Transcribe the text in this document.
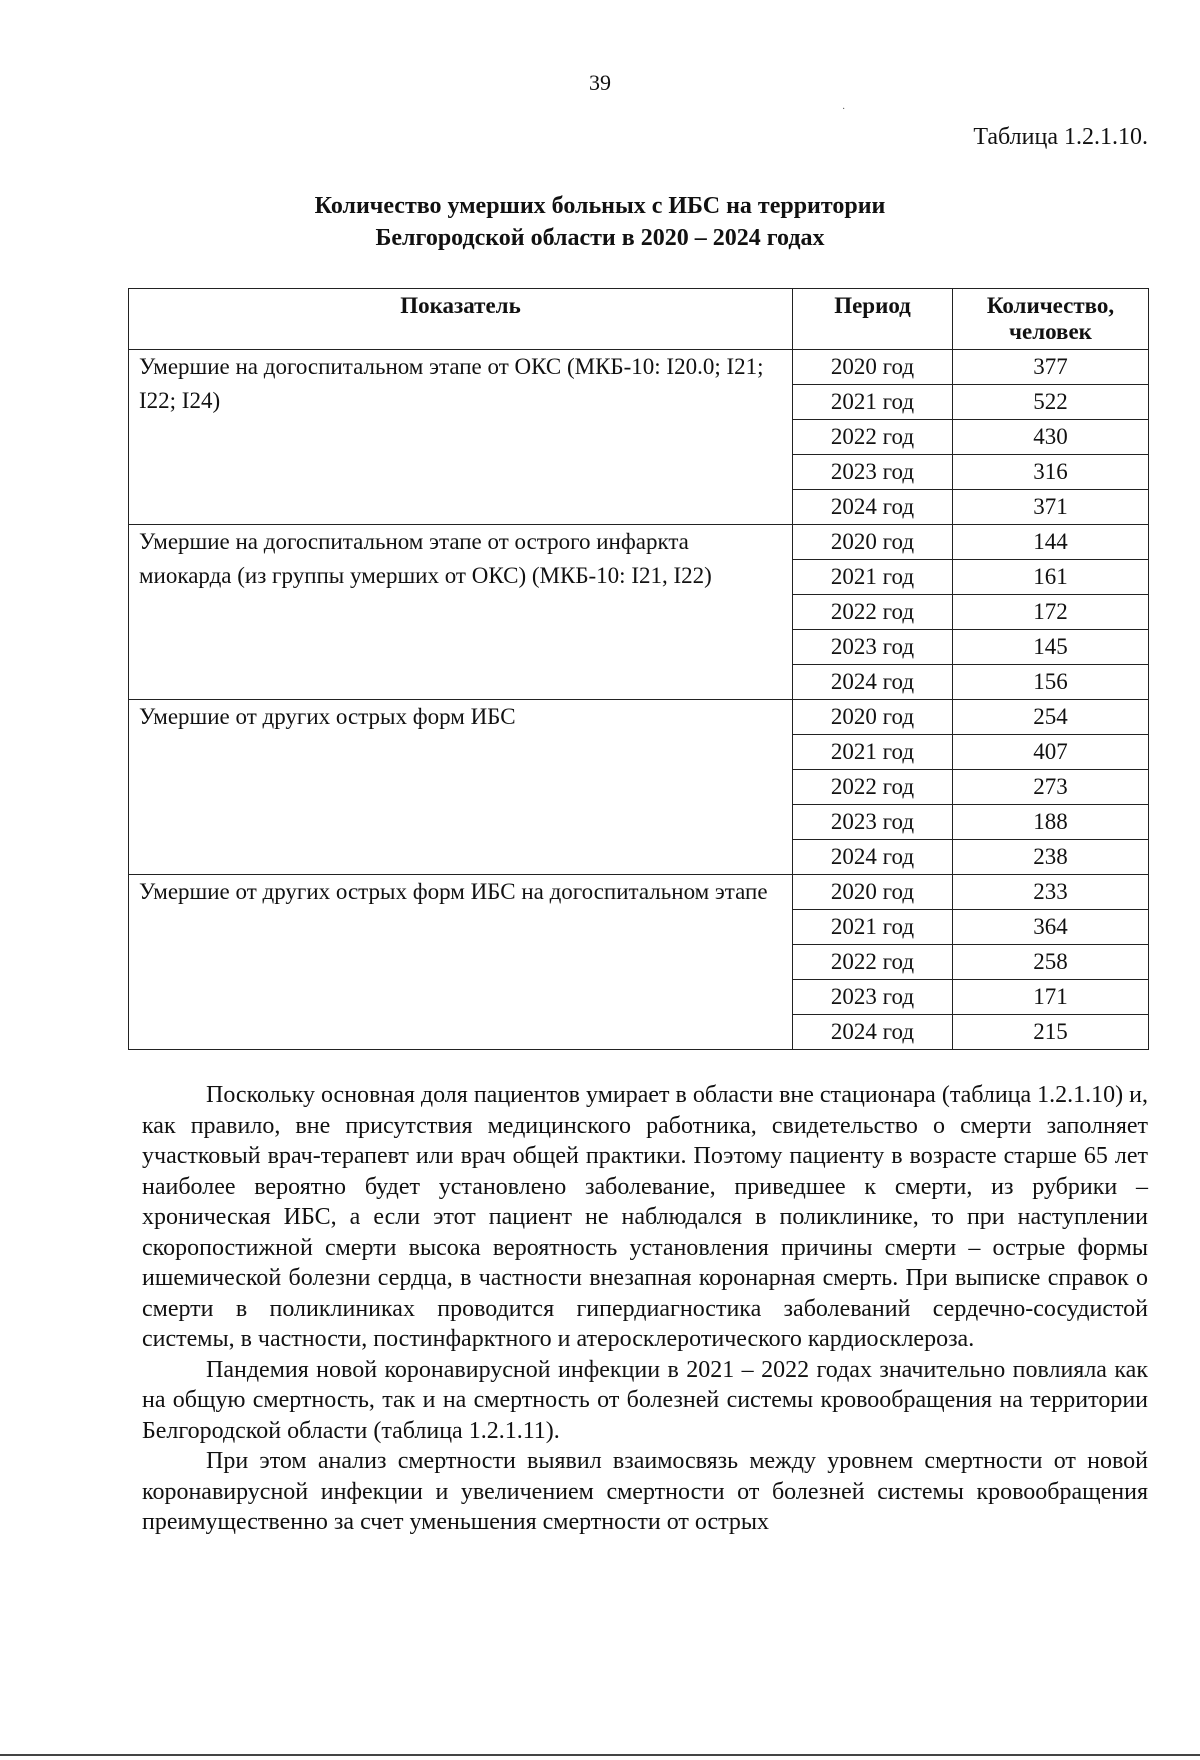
39
·
Таблица 1.2.1.10.
Количество умерших больных с ИБС на территории
Белгородской области в 2020 – 2024 годах
Показатель	Период	Количество,
человек

Умершие на догоспитальном этапе от ОКС (МКБ-10: I20.0; I21; I22; I24)	2020 год	377
	2021 год	522
	2022 год	430
	2023 год	316
	2024 год	371
Умершие на догоспитальном этапе от острого инфаркта миокарда (из группы умерших от ОКС) (МКБ-10: I21, I22)	2020 год	144
	2021 год	161
	2022 год	172
	2023 год	145
	2024 год	156
Умершие от других острых форм ИБС	2020 год	254
	2021 год	407
	2022 год	273
	2023 год	188
	2024 год	238
Умершие от других острых форм ИБС на догоспитальном этапе	2020 год	233
	2021 год	364
	2022 год	258
	2023 год	171
	2024 год	215

Поскольку основная доля пациентов умирает в области вне стационара (таблица 1.2.1.10) и, как правило, вне присутствия медицинского работника, свидетельство о смерти заполняет участковый врач-терапевт или врач общей практики. Поэтому пациенту в возрасте старше 65 лет наиболее вероятно будет установлено заболевание, приведшее к смерти, из рубрики – хроническая ИБС, а если этот пациент не наблюдался в поликлинике, то при наступлении скоропостижной смерти высока вероятность установления причины смерти – острые формы ишемической болезни сердца, в частности внезапная коронарная смерть. При выписке справок о смерти в поликлиниках проводится гипердиагностика заболеваний сердечно-сосудистой системы, в частности, постинфарктного и атеросклеротического кардиосклероза.

Пандемия новой коронавирусной инфекции в 2021 – 2022 годах значительно повлияла как на общую смертность, так и на смертность от болезней системы кровообращения на территории Белгородской области (таблица 1.2.1.11).

При этом анализ смертности выявил взаимосвязь между уровнем смертности от новой коронавирусной инфекции и увеличением смертности от болезней системы кровообращения преимущественно за счет уменьшения смертности от острых
